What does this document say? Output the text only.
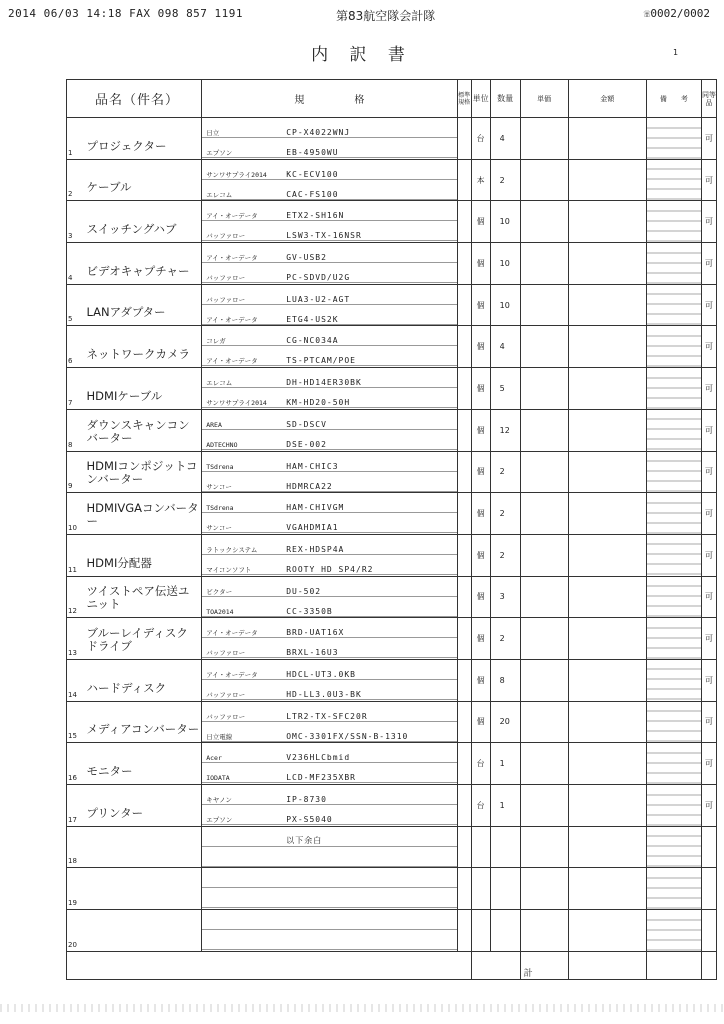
2014 06/03 14:18 FAX 098 857 1191	第83航空隊会計隊	☏0002/0002
内 訳 書	1
品名（件名）		規　　　　　格	標準規格	単位	数量	単価	金額	備　　考	同等品
1	プロジェクター	日立 CP-X4022WNJ
エプソン EB-4950WU		台	4				可
2	ケーブル	サンワサプライ2014 KC-ECV100
エレコム CAC-FS100		本	2				可
3	スイッチングハブ	アイ・オーデータ ETX2-SH16N
バッファロー LSW3-TX-16NSR		個	10				可
4	ビデオキャプチャー	アイ・オーデータ GV-USB2
バッファロー PC-SDVD/U2G		個	10				可
5	LANアダプター	バッファロー LUA3-U2-AGT
アイ・オーデータ ETG4-US2K		個	10				可
6	ネットワークカメラ	コレガ CG-NC034A
アイ・オーデータ TS-PTCAM/POE		個	4				可
7	HDMIケーブル	エレコム DH-HD14ER30BK
サンワサプライ2014 KM-HD20-50H		個	5				可
8	ダウンスキャンコンバーター	AREA SD-DSCV
ADTECHNO DSE-002		個	12				可
9	HDMIコンポジットコンバーター	TSdrena HAM-CHIC3
サンコー HDMRCA22		個	2				可
10	HDMIVGAコンバーター	TSdrena HAM-CHIVGM
サンコー VGAHDMIA1		個	2				可
11	HDMI分配器	ラトックシステム REX-HDSP4A
マイコンソフト ROOTY HD SP4/R2		個	2				可
12	ツイストペア伝送ユニット	ビクター DU-502
TOA2014 CC-3350B		個	3				可
13	ブルーレイディスクドライブ	アイ・オーデータ BRD-UAT16X
バッファロー BRXL-16U3		個	2				可
14	ハードディスク	アイ・オーデータ HDCL-UT3.0KB
バッファロー HD-LL3.0U3-BK		個	8				可
15	メディアコンバーター	バッファロー LTR2-TX-SFC20R
日立電線 OMC-3301FX/SSN-B-1310		個	20				可
16	モニター	Acer V236HLCbmid
IODATA LCD-MF235XBR		台	1				可
17	プリンター	キヤノン IP-8730
エプソン PX-S5040		台	1				可
18		以下余白							

19		

20		

						計			
